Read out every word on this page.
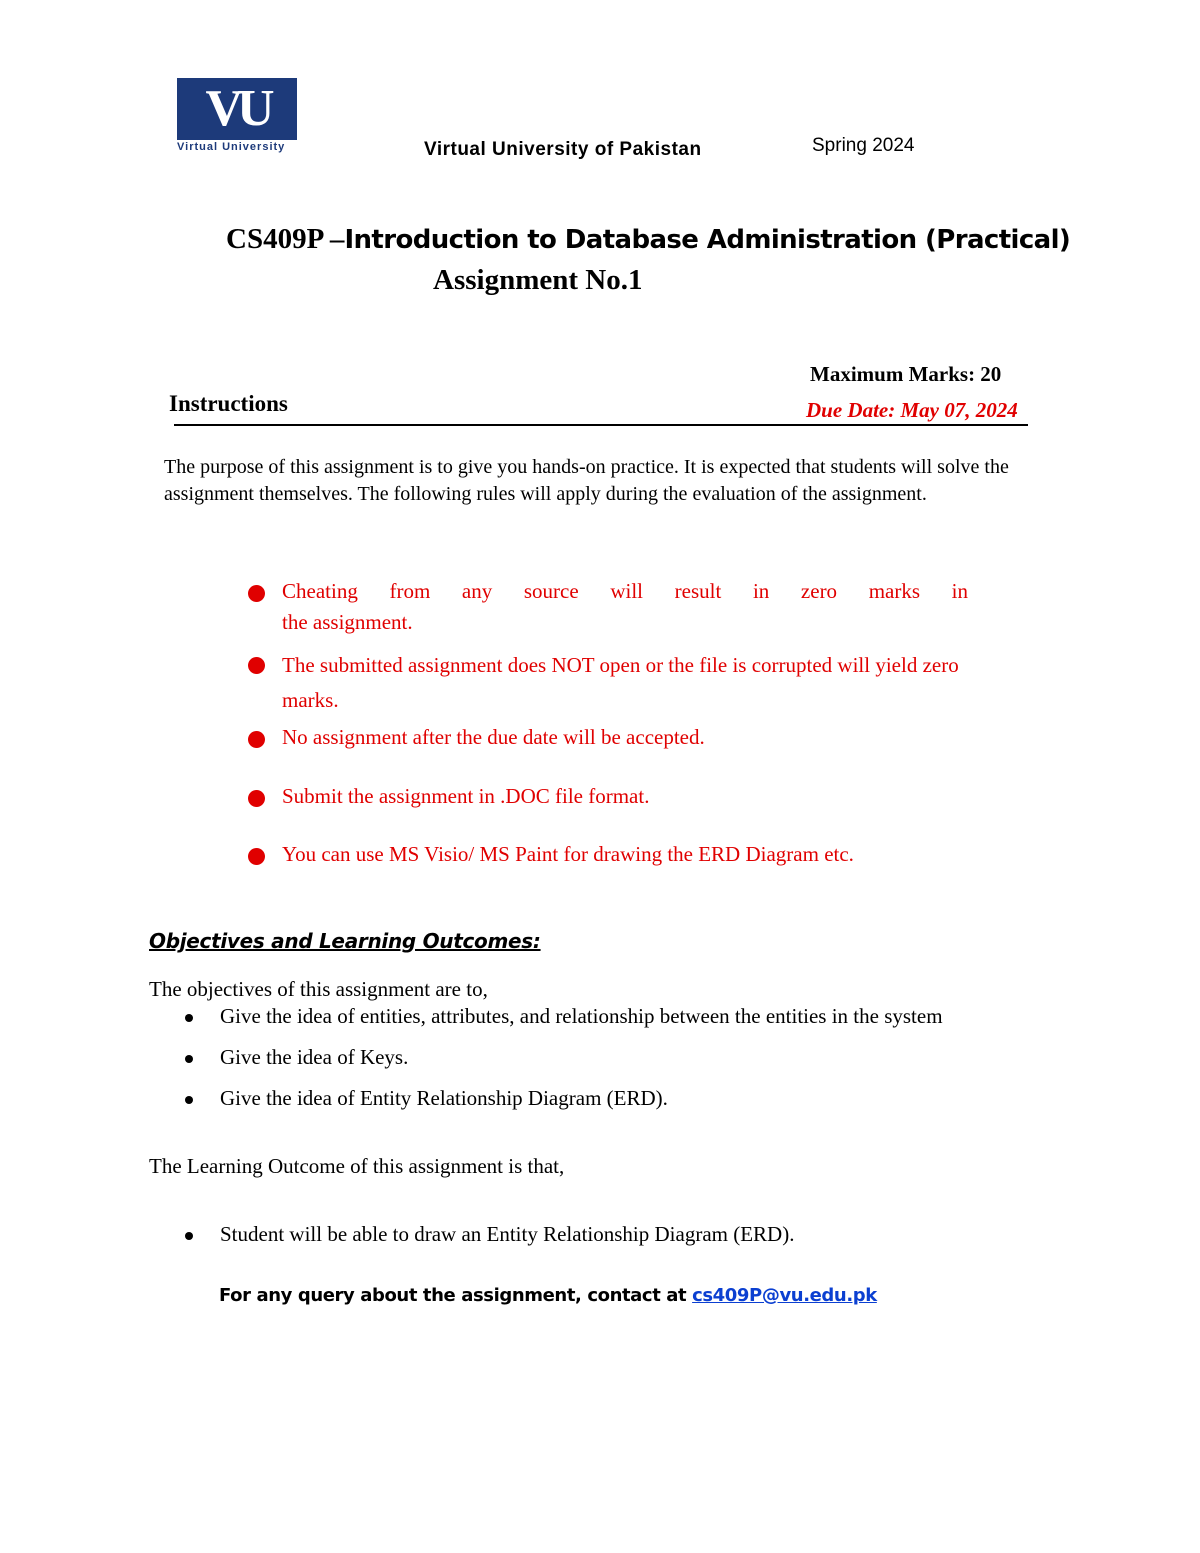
VU
Virtual University	Virtual University of Pakistan	Spring 2024
CS409P –Introduction to Database Administration (Practical)
Assignment No.1
Maximum Marks: 20
Instructions	Due Date: May 07, 2024
The purpose of this assignment is to give you hands-on practice. It is expected that students will solve the assignment themselves. The following rules will apply during the evaluation of the assignment.
Cheating from any source will result in zero marks in
the assignment.
The submitted assignment does NOT open or the file is corrupted will yield zero
marks.
No assignment after the due date will be accepted.
Submit the assignment in .DOC file format.
You can use MS Visio/ MS Paint for drawing the ERD Diagram etc.
Objectives and Learning Outcomes:
The objectives of this assignment are to,
Give the idea of entities, attributes, and relationship between the entities in the system
Give the idea of Keys.
Give the idea of Entity Relationship Diagram (ERD).
The Learning Outcome of this assignment is that,
Student will be able to draw an Entity Relationship Diagram (ERD).
For any query about the assignment, contact at cs409P@vu.edu.pk
